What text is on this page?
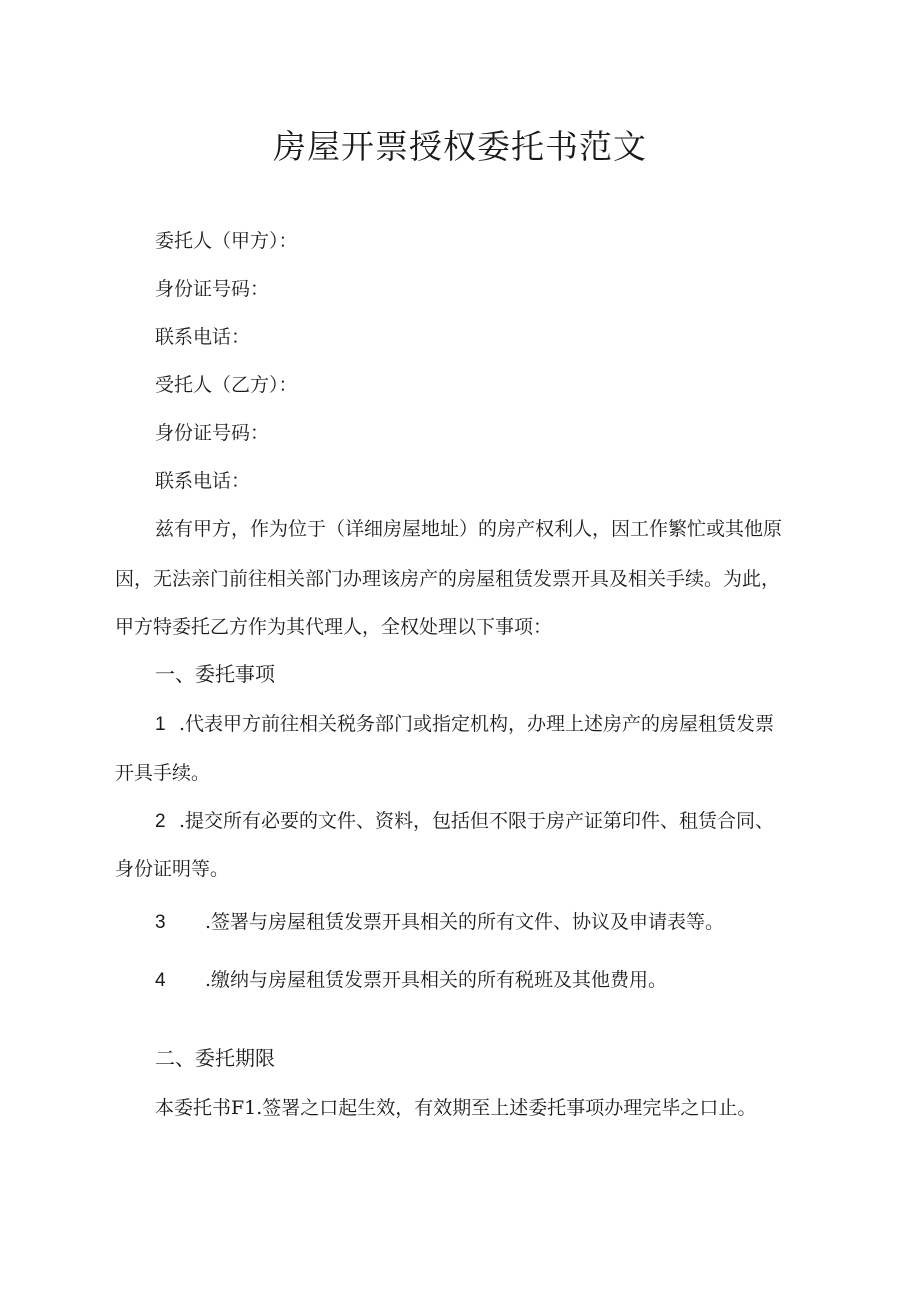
房屋开票授权委托书范文
委托人（甲方）：
身份证号码：
联系电话：
受托人（乙方）：
身份证号码：
联系电话：
兹有甲方，作为位于（详细房屋地址）的房产权利人，因工作繁忙或其他原
因，无法亲门前往相关部门办理该房产的房屋租赁发票开具及相关手续。为此，
甲方特委托乙方作为其代理人，全权处理以下事项：
一、委托事项
1 .代表甲方前往相关税务部门或指定机构，办理上述房产的房屋租赁发票
开具手续。
2 .提交所有必要的文件、资料，包括但不限于房产证第印件、租赁合同、
身份证明等。
3 .签署与房屋租赁发票开具相关的所有文件、协议及申请表等。
4 .缴纳与房屋租赁发票开具相关的所有税班及其他费用。
二、委托期限
本委托书F1.签署之口起生效，有效期至上述委托事项办理完毕之口止。
